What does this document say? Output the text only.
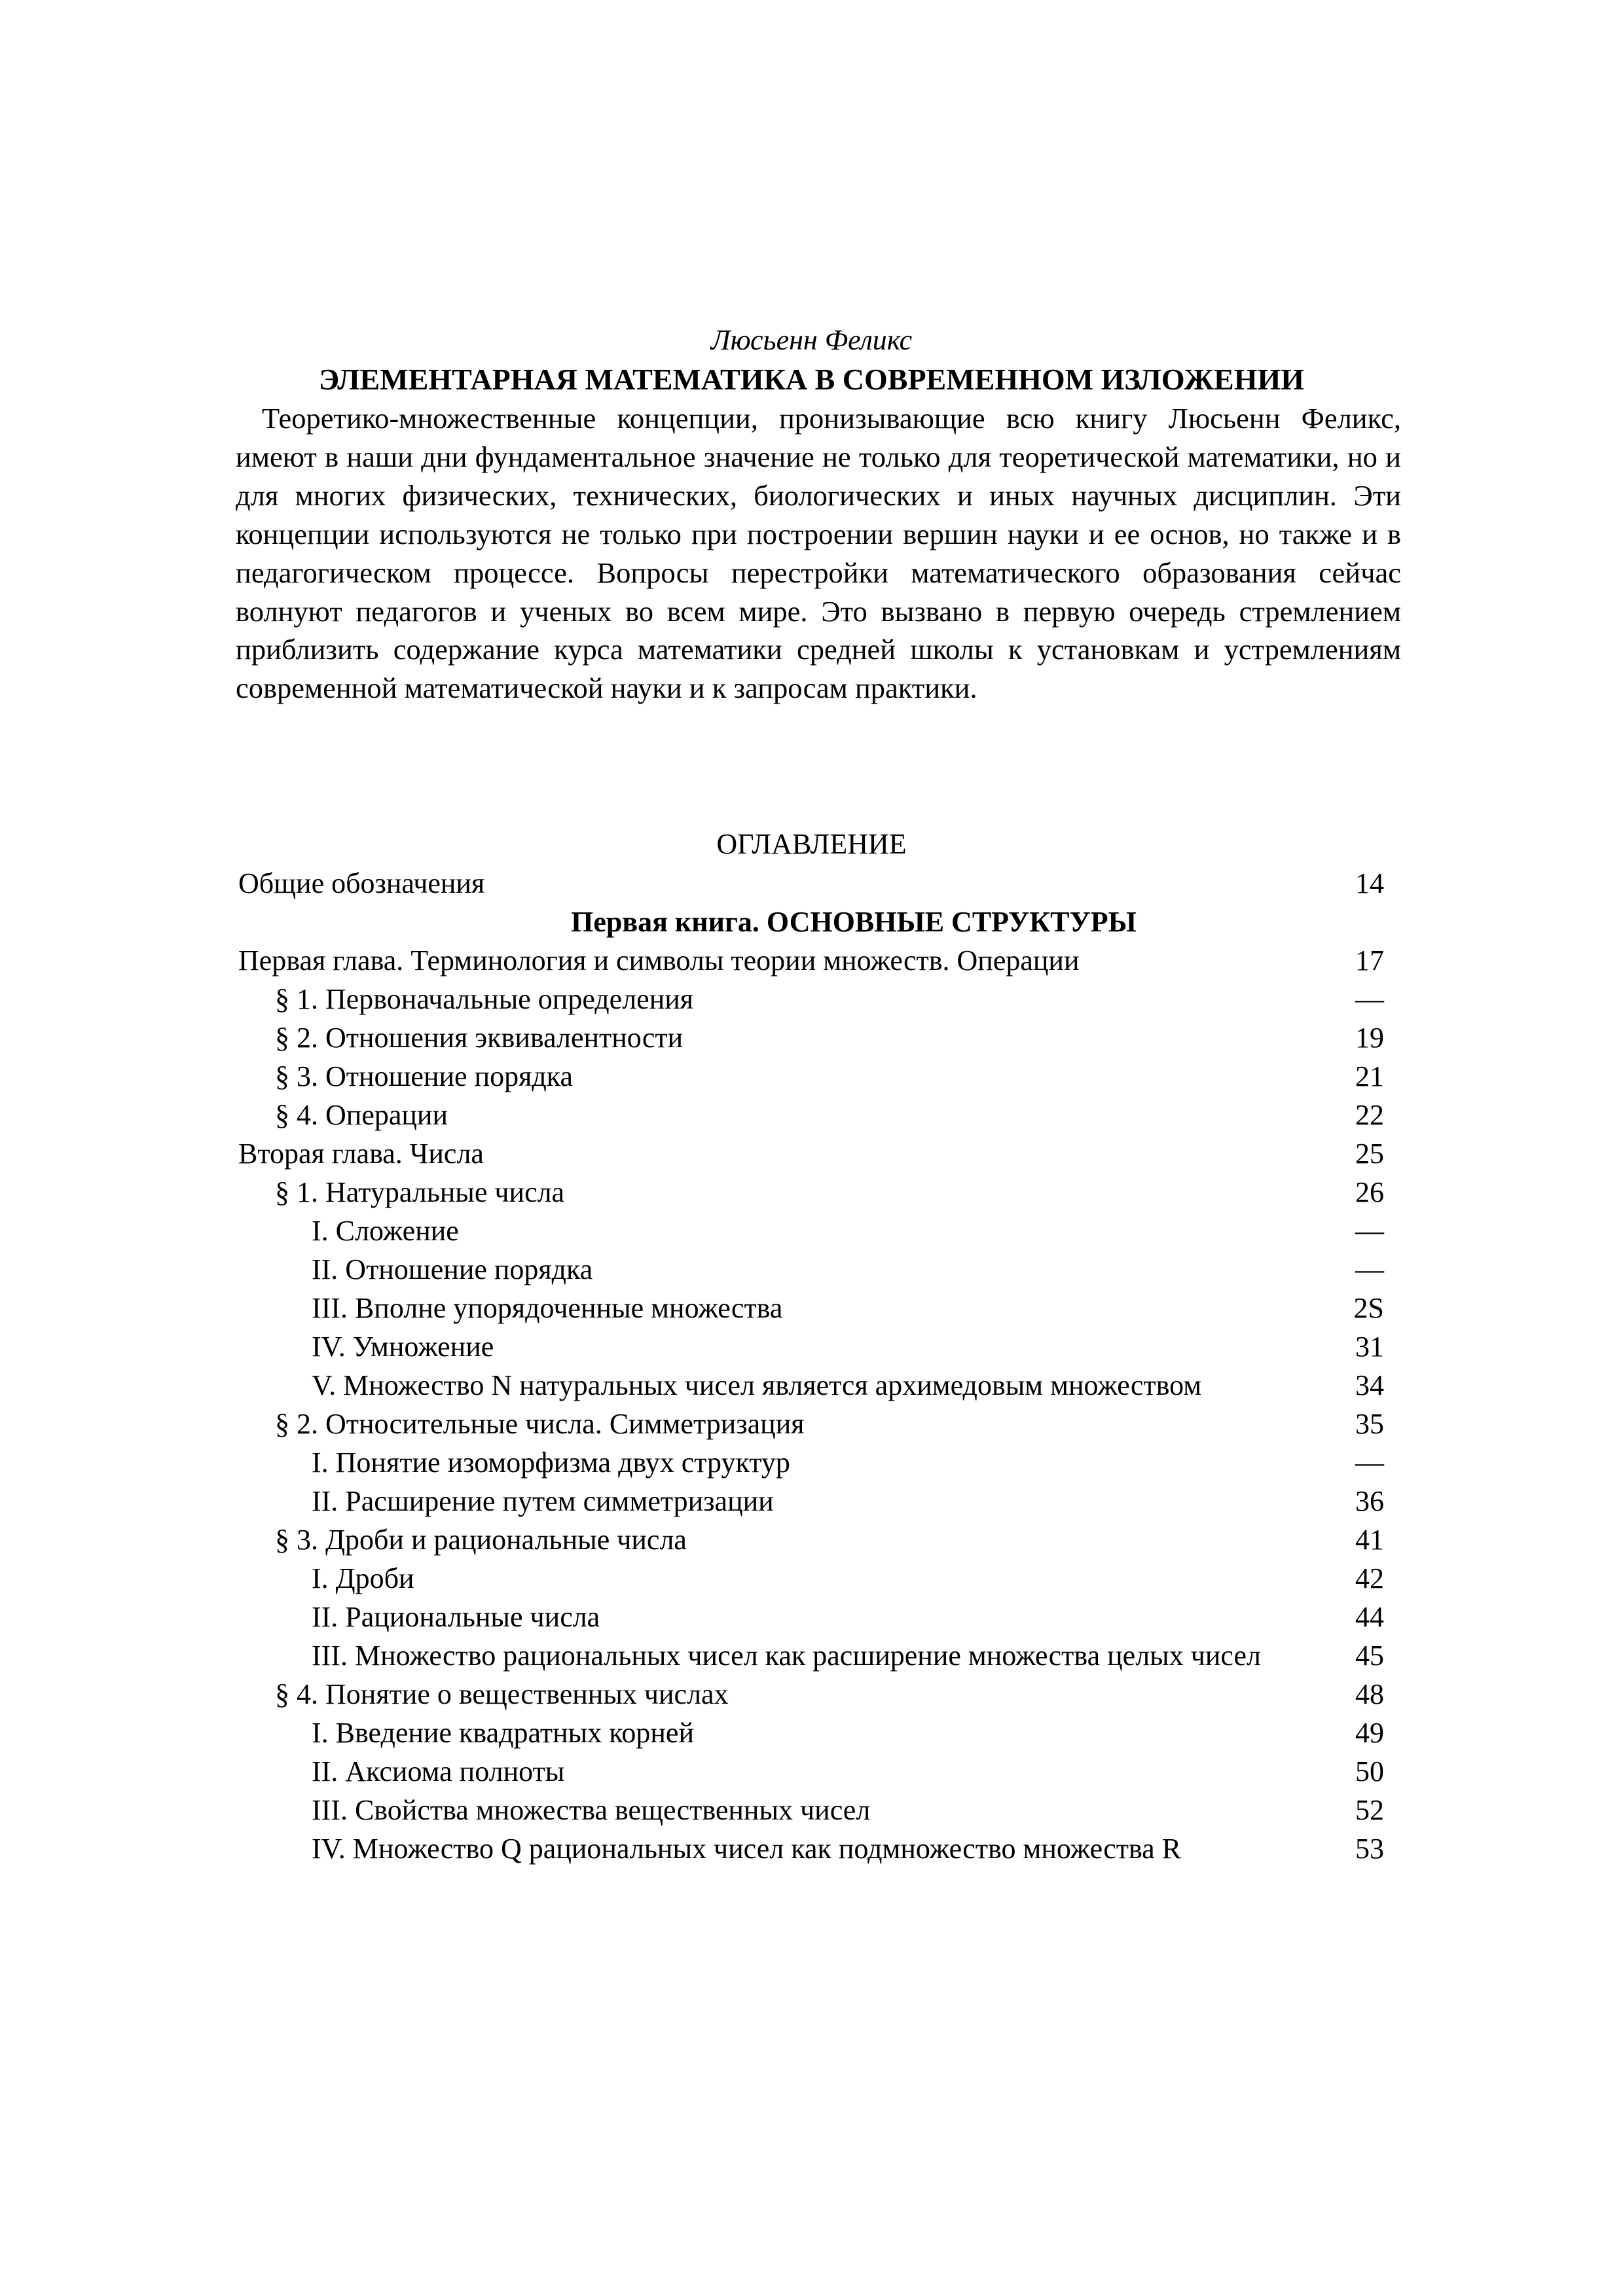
Люсьенн Феликс
ЭЛЕМЕНТАРНАЯ МАТЕМАТИКА В СОВРЕМЕННОМ ИЗЛОЖЕНИИ

Теоретико-множественные концепции, пронизывающие всю книгу Люсьенн Феликс, имеют в наши дни фундаментальное значение не только для теоретической математики, но и для многих физических, технических, биологических и иных научных дисциплин. Эти концепции используются не только при построении вершин науки и ее основ, но также и в педагогическом процессе. Вопросы перестройки математического образования сейчас волнуют педагогов и ученых во всем мире. Это вызвано в первую очередь стремлением приблизить содержание курса математики средней школы к установкам и устремлениям современной математической науки и к запросам практики.

ОГЛАВЛЕНИЕ
Общие обозначения	14
Первая книга. ОСНОВНЫЕ СТРУКТУРЫ
Первая глава. Терминология и символы теории множеств. Операции	17
§ 1. Первоначальные определения	—
§ 2. Отношения эквивалентности	19
§ 3. Отношение порядка	21
§ 4. Операции	22
Вторая глава. Числа	25
§ 1. Натуральные числа	26
I. Сложение	—
II. Отношение порядка	—
III. Вполне упорядоченные множества	2S
IV. Умножение	31
V. Множество N натуральных чисел является архимедовым множеством	34
§ 2. Относительные числа. Симметризация	35
I. Понятие изоморфизма двух структур	—
II. Расширение путем симметризации	36
§ 3. Дроби и рациональные числа	41
I. Дроби	42
II. Рациональные числа	44
III. Множество рациональных чисел как расширение множества целых чисел	45
§ 4. Понятие о вещественных числах	48
I. Введение квадратных корней	49
II. Аксиома полноты	50
III. Свойства множества вещественных чисел	52
IV. Множество Q рациональных чисел как подмножество множества R	53
